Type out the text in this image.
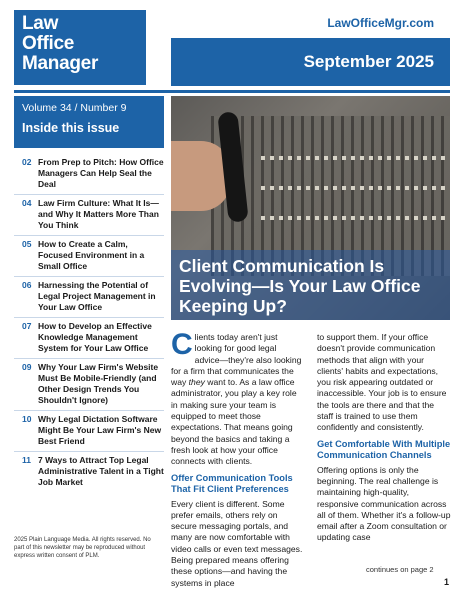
Law
Office
Manager
LawOfficeMgr.com
September 2025
Volume 34 / Number 9
Inside this issue
02 From Prep to Pitch: How Office Managers Can Help Seal the Deal
04 Law Firm Culture: What It Is—and Why It Matters More Than You Think
05 How to Create a Calm, Focused Environment in a Small Office
06 Harnessing the Potential of Legal Project Management in Your Law Office
07 How to Develop an Effective Knowledge Management System for Your Law Office
09 Why Your Law Firm's Website Must Be Mobile-Friendly (and Other Design Trends You Shouldn't Ignore)
10 Why Legal Dictation Software Might Be Your Law Firm's New Best Friend
11 7 Ways to Attract Top Legal Administrative Talent in a Tight Job Market
2025 Plain Language Media. All rights reserved. No part of this newsletter may be reproduced without express written consent of PLM.
Client Communication Is Evolving—Is Your Law Office Keeping Up?

Clients today aren't just looking for good legal advice—they're also looking for a firm that communicates the way they want to. As a law office administrator, you play a key role in making sure your team is equipped to meet those expectations. That means going beyond the basics and taking a fresh look at how your office connects with clients.

Offer Communication Tools That Fit Client Preferences

Every client is different. Some prefer emails, others rely on secure messaging portals, and many are now comfortable with video calls or even text messages. Being prepared means offering these options—and having the systems in place

to support them. If your office doesn't provide communication methods that align with your clients' habits and expectations, you risk appearing outdated or inaccessible. Your job is to ensure the tools are there and that the staff is trained to use them confidently and consistently.

Get Comfortable With Multiple Communication Channels

Offering options is only the beginning. The real challenge is maintaining high-quality, responsive communication across all of them. Whether it's a follow-up email after a Zoom consultation or updating case

continues on page 2
1
